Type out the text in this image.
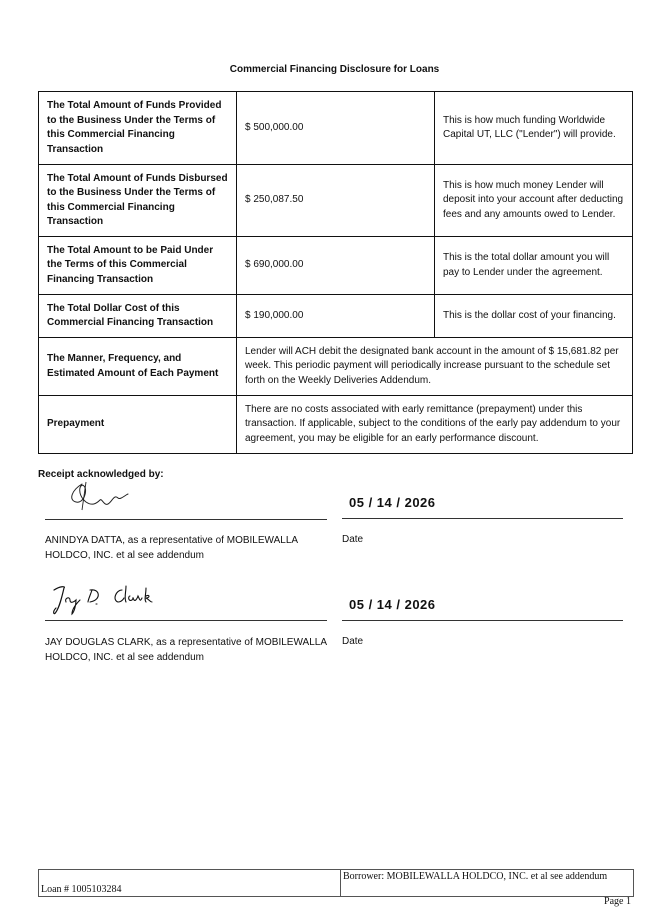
Commercial Financing Disclosure for Loans
The Total Amount of Funds Provided to the Business Under the Terms of this Commercial Financing Transaction	$ 500,000.00	This is how much funding Worldwide Capital UT, LLC ("Lender") will provide.
The Total Amount of Funds Disbursed to the Business Under the Terms of this Commercial Financing Transaction	$ 250,087.50	This is how much money Lender will deposit into your account after deducting fees and any amounts owed to Lender.
The Total Amount to be Paid Under the Terms of this Commercial Financing Transaction	$ 690,000.00	This is the total dollar amount you will pay to Lender under the agreement.
The Total Dollar Cost of this Commercial Financing Transaction	$ 190,000.00	This is the dollar cost of your financing.
The Manner, Frequency, and Estimated Amount of Each Payment	Lender will ACH debit the designated bank account in the amount of $ 15,681.82 per week. This periodic payment will periodically increase pursuant to the schedule set forth on the Weekly Deliveries Addendum.	
Prepayment	There are no costs associated with early remittance (prepayment) under this transaction. If applicable, subject to the conditions of the early pay addendum to your agreement, you may be eligible for an early performance discount.	
Receipt acknowledged by:
05 / 14 / 2026
ANINDYA DATTA, as a representative of MOBILEWALLA HOLDCO, INC. et al see addendum
Date
05 / 14 / 2026
JAY DOUGLAS CLARK, as a representative of MOBILEWALLA HOLDCO, INC. et al see addendum
Date
Loan # 1005103284	Borrower: MOBILEWALLA HOLDCO, INC. et al see addendum
Page 1
